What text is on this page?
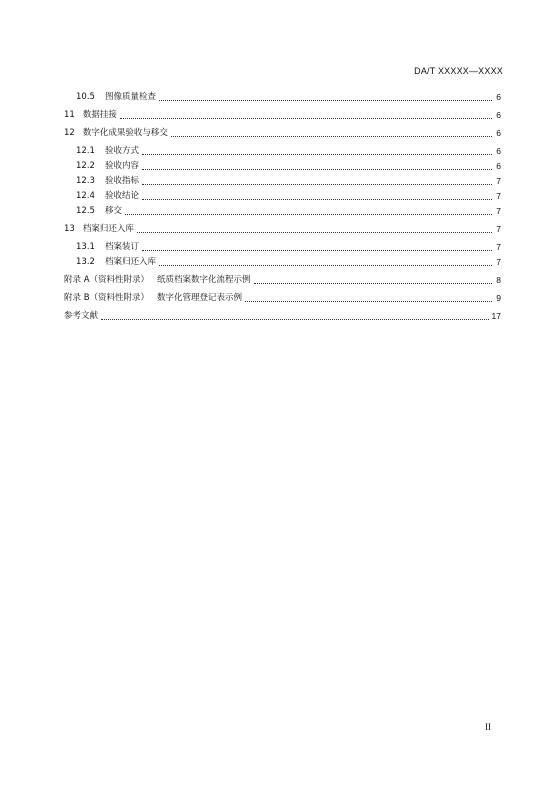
DA/T XXXXX—XXXX
10.5 图像质量检查	6
11 数据挂接	6
12 数字化成果验收与移交	6
12.1 验收方式	6
12.2 验收内容	6
12.3 验收指标	7
12.4 验收结论	7
12.5 移交	7
13 档案归还入库	7
13.1 档案装订	7
13.2 档案归还入库	7
附录 A（资料性附录） 纸质档案数字化流程示例	8
附录 B（资料性附录） 数字化管理登记表示例	9
参考文献	17
II
